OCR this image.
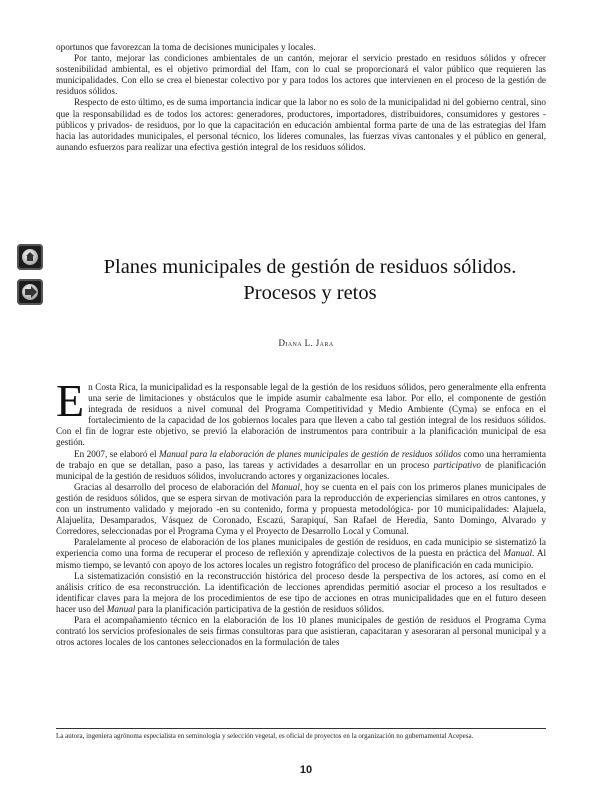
oportunos que favorezcan la toma de decisiones municipales y locales.

Por tanto, mejorar las condiciones ambientales de un cantón, mejorar el servicio prestado en residuos sólidos y ofrecer sostenibilidad ambiental, es el objetivo primordial del Ifam, con lo cual se proporcionará el valor público que requieren las municipalidades. Con ello se crea el bienestar colectivo por y para todos los actores que intervienen en el proceso de la gestión de residuos sólidos.

Respecto de esto último, es de suma importancia indicar que la labor no es solo de la municipalidad ni del gobierno central, sino que la responsabilidad es de todos los actores: generadores, productores, importadores, distribuidores, consumidores y gestores -públicos y privados- de residuos, por lo que la capacitación en educación ambiental forma parte de una de las estrategias del Ifam hacia las autoridades municipales, el personal técnico, los líderes comunales, las fuerzas vivas cantonales y el público en general, aunando esfuerzos para realizar una efectiva gestión integral de los residuos sólidos.

Planes municipales de gestión de residuos sólidos.
Procesos y retos
Diana L. Jara

En Costa Rica, la municipalidad es la responsable legal de la gestión de los residuos sólidos, pero generalmente ella enfrenta una serie de limitaciones y obstáculos que le impide asumir cabalmente esa labor. Por ello, el componente de gestión integrada de residuos a nivel comunal del Programa Competitividad y Medio Ambiente (Cyma) se enfoca en el fortalecimiento de la capacidad de los gobiernos locales para que lleven a cabo tal gestión integral de los residuos sólidos. Con el fin de lograr este objetivo, se previó la elaboración de instrumentos para contribuir a la planificación municipal de esa gestión.

En 2007, se elaboró el Manual para la elaboración de planes municipales de gestión de residuos sólidos como una herramienta de trabajo en que se detallan, paso a paso, las tareas y actividades a desarrollar en un proceso participativo de planificación municipal de la gestión de residuos sólidos, involucrando actores y organizaciones locales.

Gracias al desarrollo del proceso de elaboración del Manual, hoy se cuenta en el país con los primeros planes municipales de gestión de residuos sólidos, que se espera sirvan de motivación para la reproducción de experiencias similares en otros cantones, y con un instrumento validado y mejorado -en su contenido, forma y propuesta metodológica- por 10 municipalidades: Alajuela, Alajuelita, Desamparados, Vásquez de Coronado, Escazú, Sarapiquí, San Rafael de Heredia, Santo Domingo, Alvarado y Corredores, seleccionadas por el Programa Cyma y el Proyecto de Desarrollo Local y Comunal.

Paralelamente al proceso de elaboración de los planes municipales de gestión de residuos, en cada municipio se sistematizó la experiencia como una forma de recuperar el proceso de reflexión y aprendizaje colectivos de la puesta en práctica del Manual. Al mismo tiempo, se levantó con apoyo de los actores locales un registro fotográfico del proceso de planificación en cada municipio.

La sistematización consistió en la reconstrucción histórica del proceso desde la perspectiva de los actores, así como en el análisis crítico de esa reconstrucción. La identificación de lecciones aprendidas permitió asociar el proceso a los resultados e identificar claves para la mejora de los procedimientos de ese tipo de acciones en otras municipalidades que en el futuro deseen hacer uso del Manual para la planificación participativa de la gestión de residuos sólidos.

Para el acompañamiento técnico en la elaboración de los 10 planes municipales de gestión de residuos el Programa Cyma contrató los servicios profesionales de seis firmas consultoras para que asistieran, capacitaran y asesoraran al personal municipal y a otros actores locales de los cantones seleccionados en la formulación de tales

La autora, ingeniera agrónoma especialista en seminología y selección vegetal, es oficial de proyectos en la organización no gubernamental Acepesa.

10
